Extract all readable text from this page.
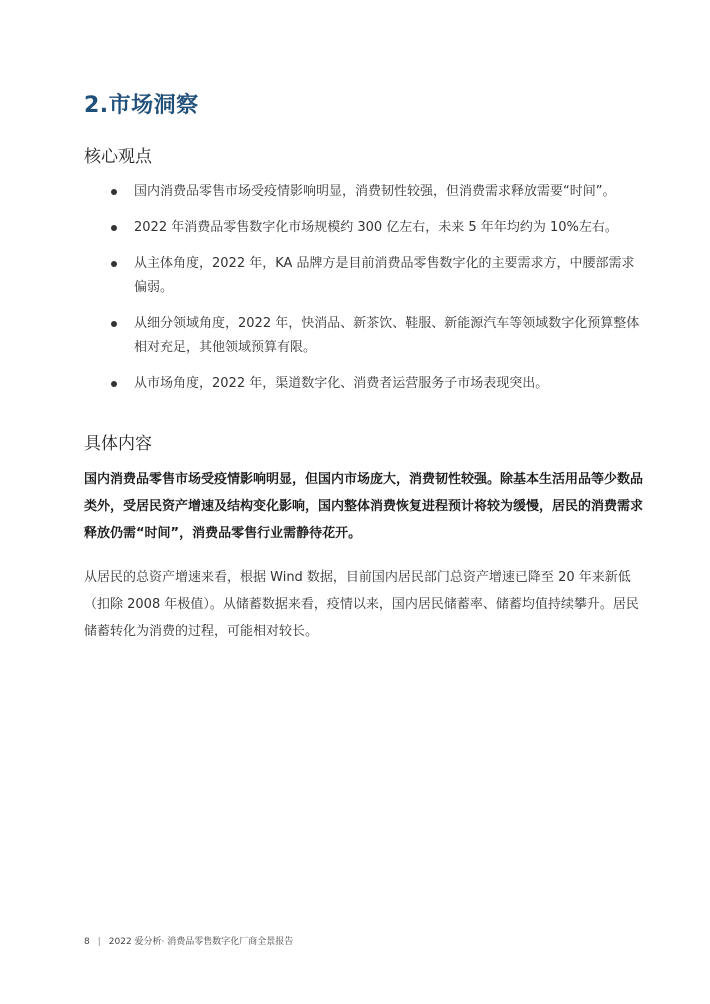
2.市场洞察
核心观点
国内消费品零售市场受疫情影响明显，消费韧性较强，但消费需求释放需要“时间”。
2022 年消费品零售数字化市场规模约 300 亿左右，未来 5 年年均约为 10%左右。
从主体角度，2022 年，KA 品牌方是目前消费品零售数字化的主要需求方，中腰部需求偏弱。
从细分领域角度，2022 年，快消品、新茶饮、鞋服、新能源汽车等领域数字化预算整体相对充足，其他领域预算有限。
从市场角度，2022 年，渠道数字化、消费者运营服务子市场表现突出。
具体内容

国内消费品零售市场受疫情影响明显，但国内市场庞大，消费韧性较强。除基本生活用品等少数品类外，受居民资产增速及结构变化影响，国内整体消费恢复进程预计将较为缓慢，居民的消费需求释放仍需“时间”，消费品零售行业需静待花开。

从居民的总资产增速来看，根据 Wind 数据，目前国内居民部门总资产增速已降至 20 年来新低（扣除 2008 年极值）。从储蓄数据来看，疫情以来，国内居民储蓄率、储蓄均值持续攀升。居民储蓄转化为消费的过程，可能相对较长。

8 | 2022 爱分析· 消费品零售数字化厂商全景报告
